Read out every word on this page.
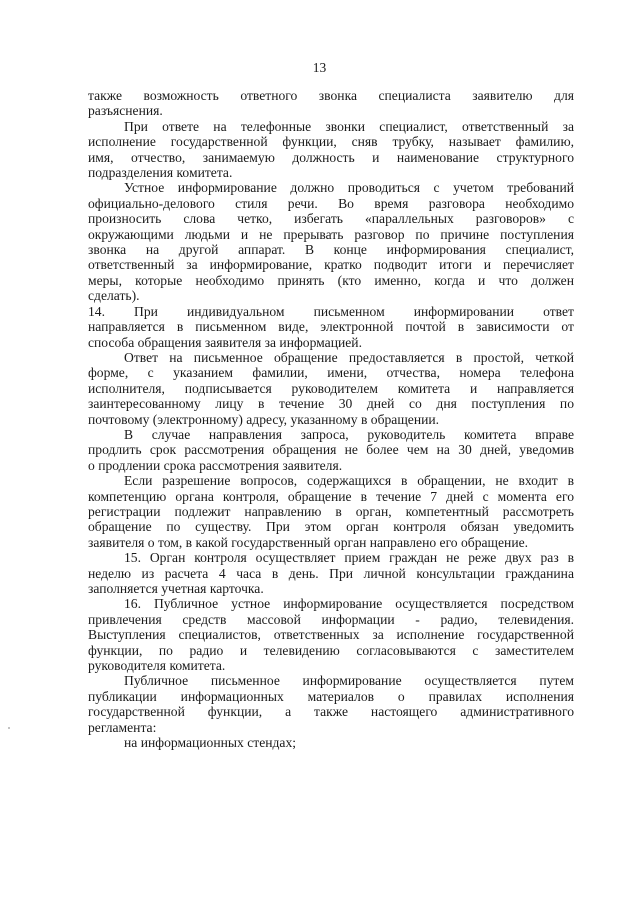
13

также возможность ответного звонка специалиста заявителю для
разъяснения.

При ответе на телефонные звонки специалист, ответственный за
исполнение государственной функции, сняв трубку, называет фамилию,
имя, отчество, занимаемую должность и наименование структурного
подразделения комитета.

Устное информирование должно проводиться с учетом требований
официально-делового стиля речи. Во время разговора необходимо
произносить слова четко, избегать «параллельных разговоров» с
окружающими людьми и не прерывать разговор по причине поступления
звонка на другой аппарат. В конце информирования специалист,
ответственный за информирование, кратко подводит итоги и перечисляет
меры, которые необходимо принять (кто именно, когда и что должен
сделать).

14. При индивидуальном письменном информировании ответ
направляется в письменном виде, электронной почтой в зависимости от
способа обращения заявителя за информацией.

Ответ на письменное обращение предоставляется в простой, четкой
форме, с указанием фамилии, имени, отчества, номера телефона
исполнителя, подписывается руководителем комитета и направляется
заинтересованному лицу в течение 30 дней со дня поступления по
почтовому (электронному) адресу, указанному в обращении.

В случае направления запроса, руководитель комитета вправе
продлить срок рассмотрения обращения не более чем на 30 дней, уведомив
о продлении срока рассмотрения заявителя.

Если разрешение вопросов, содержащихся в обращении, не входит в
компетенцию органа контроля, обращение в течение 7 дней с момента его
регистрации подлежит направлению в орган, компетентный рассмотреть
обращение по существу. При этом орган контроля обязан уведомить
заявителя о том, в какой государственный орган направлено его обращение.

15. Орган контроля осуществляет прием граждан не реже двух раз в
неделю из расчета 4 часа в день. При личной консультации гражданина
заполняется учетная карточка.

16. Публичное устное информирование осуществляется посредством
привлечения средств массовой информации - радио, телевидения.
Выступления специалистов, ответственных за исполнение государственной
функции, по радио и телевидению согласовываются с заместителем
руководителя комитета.

Публичное письменное информирование осуществляется путем
публикации информационных материалов о правилах исполнения
государственной функции, а также настоящего административного
регламента:

на информационных стендах;
